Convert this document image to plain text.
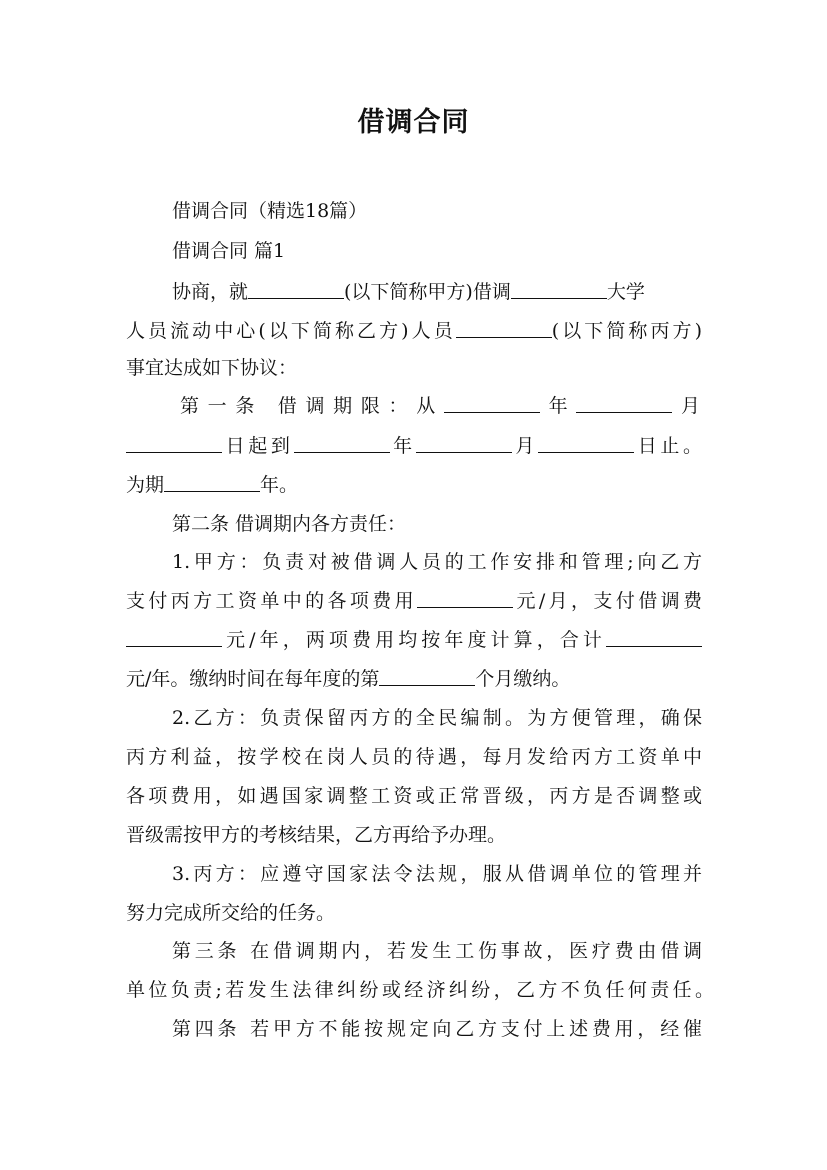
借调合同
借调合同（精选18篇）
借调合同 篇1
协商，就	(以下简称甲方)借调	大学
人员流动中心(以下简称乙方)人员	(以下简称丙方)
事宜达成如下协议：
第一条 借调期限：从	年	月
日起到	年	月	日止。
为期	年。
第二条 借调期内各方责任：
1.甲方：负责对被借调人员的工作安排和管理;向乙方
支付丙方工资单中的各项费用	元/月，支付借调费
元/年，两项费用均按年度计算，合计
元/年。缴纳时间在每年度的第	个月缴纳。
2.乙方：负责保留丙方的全民编制。为方便管理，确保
丙方利益，按学校在岗人员的待遇，每月发给丙方工资单中
各项费用，如遇国家调整工资或正常晋级，丙方是否调整或
晋级需按甲方的考核结果，乙方再给予办理。
3.丙方：应遵守国家法令法规，服从借调单位的管理并
努力完成所交给的任务。
第三条 在借调期内，若发生工伤事故，医疗费由借调
单位负责;若发生法律纠纷或经济纠纷，乙方不负任何责任。
第四条 若甲方不能按规定向乙方支付上述费用，经催
